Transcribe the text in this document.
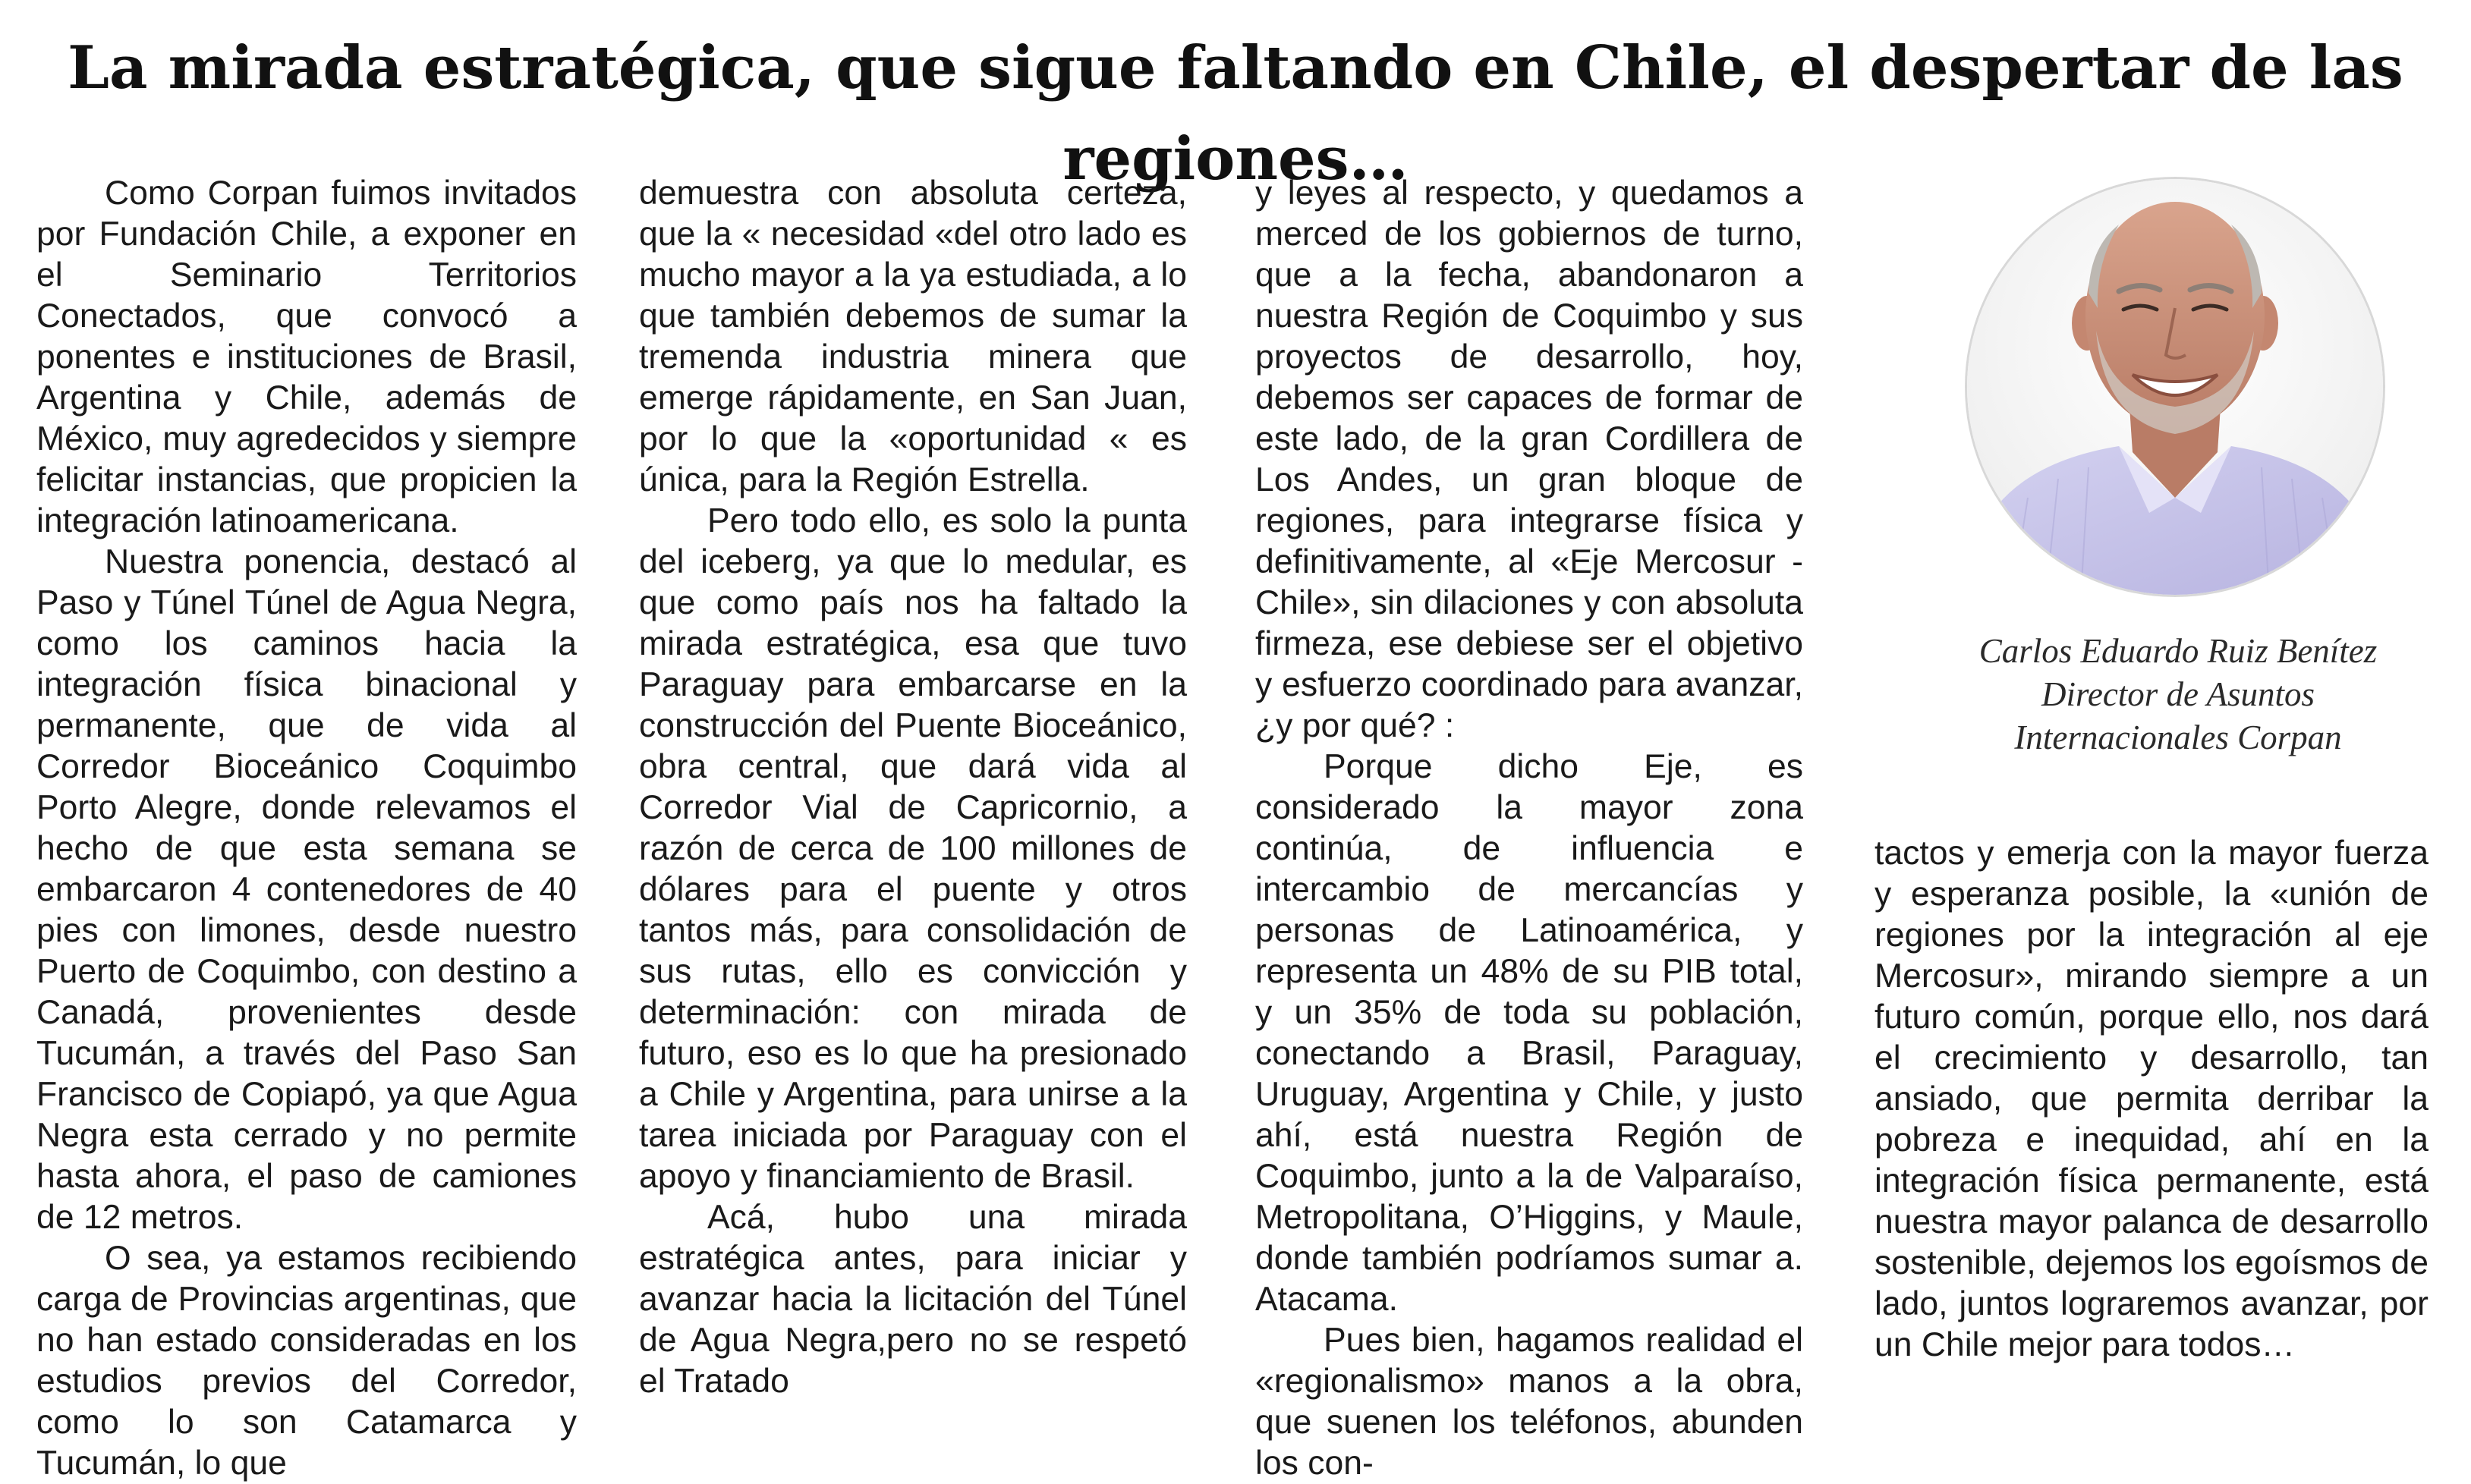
La mirada estratégica, que sigue faltando en Chile, el despertar de las regiones…

Como Corpan fuimos invitados por Fundación Chile, a exponer en el Seminario Territorios Conectados, que convocó a ponentes e instituciones de Brasil, Argentina y Chile, además de México, muy agredecidos y siempre felicitar instancias, que propicien la integración latinoamericana.

Nuestra ponencia, destacó al Paso y Túnel Túnel de Agua Negra, como los caminos hacia la integración física binacional y permanente, que de vida al Corredor Bioceánico Coquimbo Porto Alegre, donde relevamos el hecho de que esta semana se embarcaron 4 contenedores de 40 pies con limones, desde nuestro Puerto de Coquimbo, con destino a Canadá, provenientes desde Tucumán, a través del Paso San Francisco de Copiapó, ya que Agua Negra esta cerrado y no permite hasta ahora, el paso de camiones de 12 metros.

O sea, ya estamos recibiendo carga de Provincias argentinas, que no han estado consideradas en los estudios previos del Corredor, como lo son Catamarca y Tucumán, lo que

demuestra con absoluta certeza, que la « necesidad «del otro lado es mucho mayor a la ya estudiada, a lo que también debemos de sumar la tremenda industria minera que emerge rápidamente, en San Juan, por lo que la «oportunidad « es única, para la Región Estrella.

Pero todo ello, es solo la punta del iceberg, ya que lo medular, es que como país nos ha faltado la mirada estratégica, esa que tuvo Paraguay para embarcarse en la construcción del Puente Bioceánico, obra central, que dará vida al Corredor Vial de Capricornio, a razón de cerca de 100 millones de dólares para el puente y otros tantos más, para consolidación de sus rutas, ello es convicción y determinación: con mirada de futuro, eso es lo que ha presionado a Chile y Argentina, para unirse a la tarea iniciada por Paraguay con el apoyo y financiamiento de Brasil.

Acá, hubo una mirada estratégica antes, para iniciar y avanzar hacia la licitación del Túnel de Agua Negra,pero no se respetó el Tratado

y leyes al respecto, y quedamos a merced de los gobiernos de turno, que a la fecha, abandonaron a nuestra Región de Coquimbo y sus proyectos de desarrollo, hoy, debemos ser capaces de formar de este lado, de la gran Cordillera de Los Andes, un gran bloque de regiones, para integrarse física y definitivamente, al «Eje Mercosur - Chile», sin dilaciones y con absoluta firmeza, ese debiese ser el objetivo y esfuerzo coordinado para avanzar, ¿y por qué? :

Porque dicho Eje, es considerado la mayor zona continúa, de influencia e intercambio de mercancías y personas de Latinoamérica, y representa un 48% de su PIB total, y un 35% de toda su población, conectando a Brasil, Paraguay, Uruguay, Argentina y Chile, y justo ahí, está nuestra Región de Coquimbo, junto a la de Valparaíso, Metropolitana, O’Higgins, y Maule, donde también podríamos sumar a. Atacama.

Pues bien, hagamos realidad el «regionalismo» manos a la obra, que suenen los teléfonos, abunden los con-

Carlos Eduardo Ruiz Benítez
Director de Asuntos
Internacionales Corpan

tactos y emerja con la mayor fuerza y esperanza posible, la «unión de regiones por la integración al eje Mercosur», mirando siempre a un futuro común, porque ello, nos dará el crecimiento y desarrollo, tan ansiado, que permita derribar la pobreza e inequidad, ahí en la integración física permanente, está nuestra mayor palanca de desarrollo sostenible, dejemos los egoísmos de lado, juntos lograremos avanzar, por un Chile mejor para todos…
